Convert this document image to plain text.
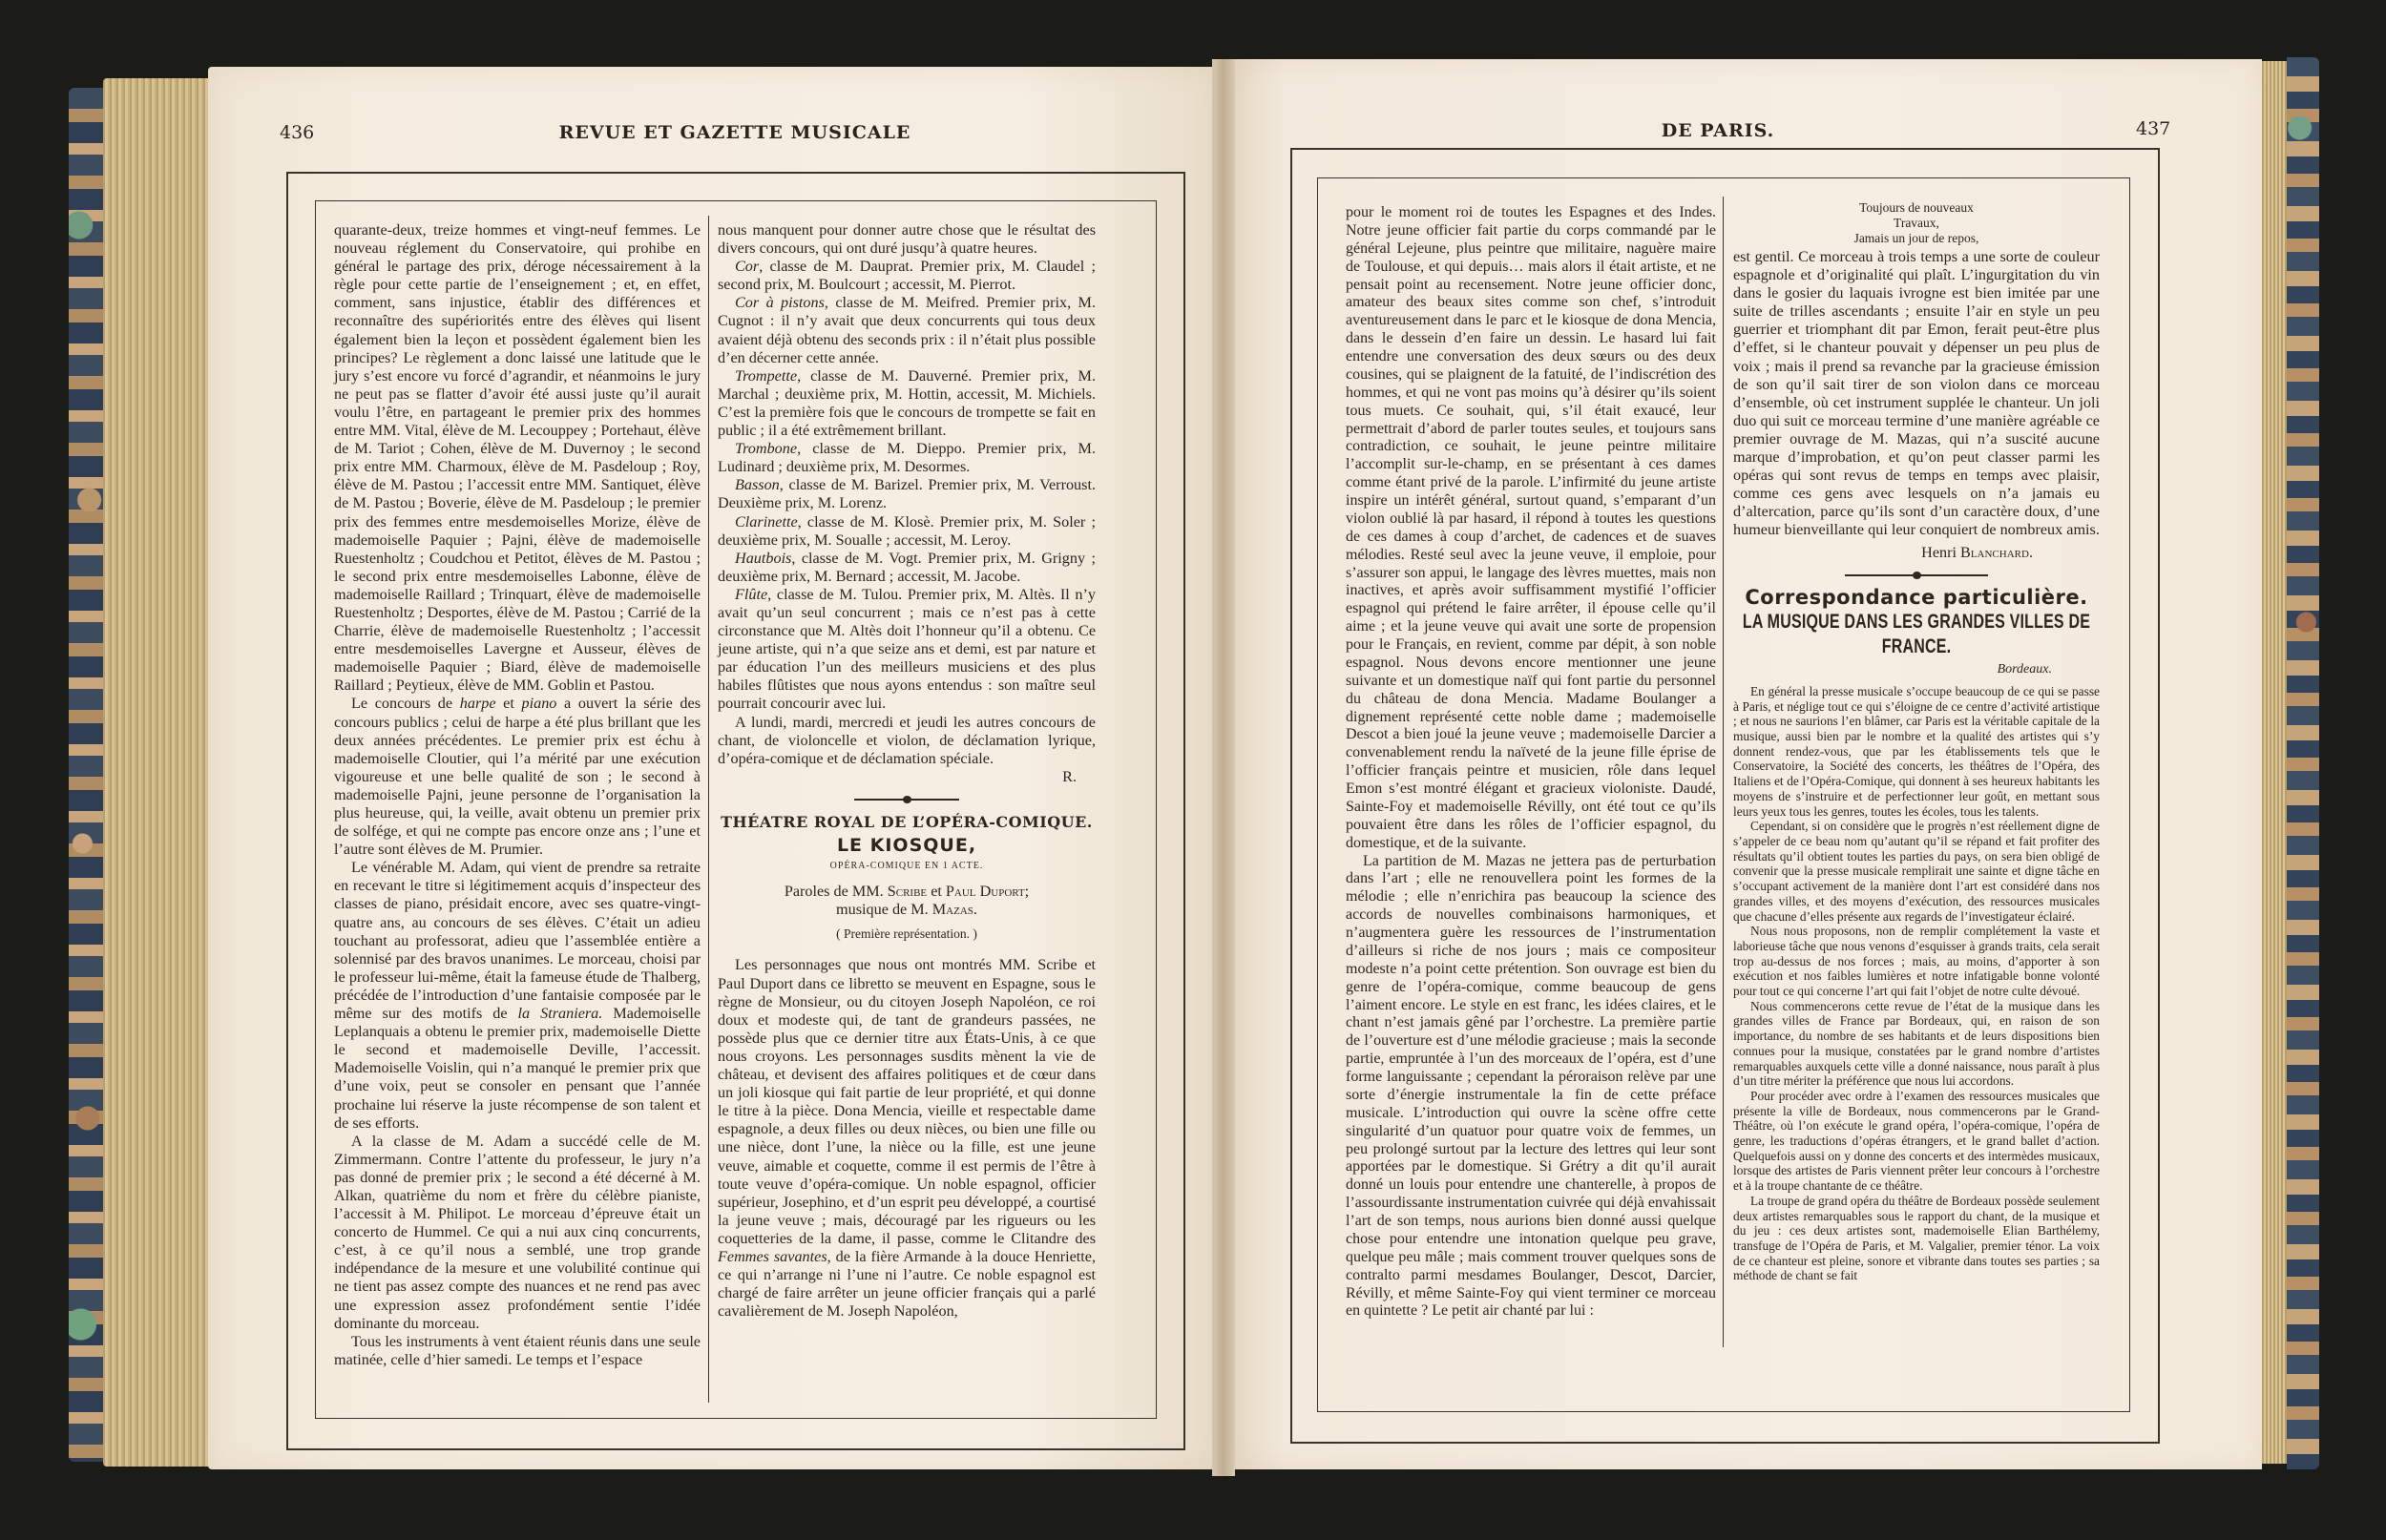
436	REVUE ET GAZETTE MUSICALE

quarante-deux, treize hommes et vingt-neuf femmes. Le nouveau réglement du Conservatoire, qui prohibe en général le partage des prix, déroge nécessairement à la règle pour cette partie de l’enseignement ; et, en effet, comment, sans injustice, établir des différences et reconnaître des supériorités entre des élèves qui lisent également bien la leçon et possèdent également bien les principes? Le règlement a donc laissé une latitude que le jury s’est encore vu forcé d’agrandir, et néanmoins le jury ne peut pas se flatter d’avoir été aussi juste qu’il aurait voulu l’être, en partageant le premier prix des hommes entre MM. Vital, élève de M. Lecouppey ; Portehaut, élève de M. Tariot ; Cohen, élève de M. Duvernoy ; le second prix entre MM. Charmoux, élève de M. Pasdeloup ; Roy, élève de M. Pastou ; l’accessit entre MM. Santiquet, élève de M. Pastou ; Boverie, élève de M. Pasdeloup ; le premier prix des femmes entre mesdemoiselles Morize, élève de mademoiselle Paquier ; Pajni, élève de mademoiselle Ruestenholtz ; Coudchou et Petitot, élèves de M. Pastou ; le second prix entre mesdemoiselles Labonne, élève de mademoiselle Raillard ; Trinquart, élève de mademoiselle Ruestenholtz ; Desportes, élève de M. Pastou ; Carrié de la Charrie, élève de mademoiselle Ruestenholtz ; l’accessit entre mesdemoiselles Lavergne et Ausseur, élèves de mademoiselle Paquier ; Biard, élève de mademoiselle Raillard ; Peytieux, élève de MM. Goblin et Pastou.

Le concours de harpe et piano a ouvert la série des concours publics ; celui de harpe a été plus brillant que les deux années précédentes. Le premier prix est échu à mademoiselle Cloutier, qui l’a mérité par une exécution vigoureuse et une belle qualité de son ; le second à mademoiselle Pajni, jeune personne de l’organisation la plus heureuse, qui, la veille, avait obtenu un premier prix de solfége, et qui ne compte pas encore onze ans ; l’une et l’autre sont élèves de M. Prumier.

Le vénérable M. Adam, qui vient de prendre sa retraite en recevant le titre si légitimement acquis d’inspecteur des classes de piano, présidait encore, avec ses quatre-vingt-quatre ans, au concours de ses élèves. C’était un adieu touchant au professorat, adieu que l’assemblée entière a solennisé par des bravos unanimes. Le morceau, choisi par le professeur lui-même, était la fameuse étude de Thalberg, précédée de l’introduction d’une fantaisie composée par le même sur des motifs de la Straniera. Mademoiselle Leplanquais a obtenu le premier prix, mademoiselle Diette le second et mademoiselle Deville, l’accessit. Mademoiselle Voislin, qui n’a manqué le premier prix que d’une voix, peut se consoler en pensant que l’année prochaine lui réserve la juste récompense de son talent et de ses efforts.

A la classe de M. Adam a succédé celle de M. Zimmermann. Contre l’attente du professeur, le jury n’a pas donné de premier prix ; le second a été décerné à M. Alkan, quatrième du nom et frère du célèbre pianiste, l’accessit à M. Philipot. Le morceau d’épreuve était un concerto de Hummel. Ce qui a nui aux cinq concurrents, c’est, à ce qu’il nous a semblé, une trop grande indépendance de la mesure et une volubilité continue qui ne tient pas assez compte des nuances et ne rend pas avec une expression assez profondément sentie l’idée dominante du morceau.

Tous les instruments à vent étaient réunis dans une seule matinée, celle d’hier samedi. Le temps et l’espace

nous manquent pour donner autre chose que le résultat des divers concours, qui ont duré jusqu’à quatre heures.

Cor, classe de M. Dauprat. Premier prix, M. Claudel ; second prix, M. Boulcourt ; accessit, M. Pierrot.

Cor à pistons, classe de M. Meifred. Premier prix, M. Cugnot : il n’y avait que deux concurrents qui tous deux avaient déjà obtenu des seconds prix : il n’était plus possible d’en décerner cette année.

Trompette, classe de M. Dauverné. Premier prix, M. Marchal ; deuxième prix, M. Hottin, accessit, M. Michiels. C’est la première fois que le concours de trompette se fait en public ; il a été extrêmement brillant.

Trombone, classe de M. Dieppo. Premier prix, M. Ludinard ; deuxième prix, M. Desormes.

Basson, classe de M. Barizel. Premier prix, M. Verroust. Deuxième prix, M. Lorenz.

Clarinette, classe de M. Klosè. Premier prix, M. Soler ; deuxième prix, M. Soualle ; accessit, M. Leroy.

Hautbois, classe de M. Vogt. Premier prix, M. Grigny ; deuxième prix, M. Bernard ; accessit, M. Jacobe.

Flûte, classe de M. Tulou. Premier prix, M. Altès. Il n’y avait qu’un seul concurrent ; mais ce n’est pas à cette circonstance que M. Altès doit l’honneur qu’il a obtenu. Ce jeune artiste, qui n’a que seize ans et demi, est par nature et par éducation l’un des meilleurs musiciens et des plus habiles flûtistes que nous ayons entendus : son maître seul pourrait concourir avec lui.

A lundi, mardi, mercredi et jeudi les autres concours de chant, de violoncelle et violon, de déclamation lyrique, d’opéra-comique et de déclamation spéciale.

R.

THÉATRE ROYAL DE L’OPÉRA-COMIQUE.
LE KIOSQUE,
OPÉRA-COMIQUE EN 1 ACTE.

Paroles de MM. Scribe et Paul Duport;

musique de M. Mazas.

( Première représentation. )

Les personnages que nous ont montrés MM. Scribe et Paul Duport dans ce libretto se meuvent en Espagne, sous le règne de Monsieur, ou du citoyen Joseph Napoléon, ce roi doux et modeste qui, de tant de grandeurs passées, ne possède plus que ce dernier titre aux États-Unis, à ce que nous croyons. Les personnages susdits mènent la vie de château, et devisent des affaires politiques et de cœur dans un joli kiosque qui fait partie de leur propriété, et qui donne le titre à la pièce. Dona Mencia, vieille et respectable dame espagnole, a deux filles ou deux nièces, ou bien une fille ou une nièce, dont l’une, la nièce ou la fille, est une jeune veuve, aimable et coquette, comme il est permis de l’être à toute veuve d’opéra-comique. Un noble espagnol, officier supérieur, Josephino, et d’un esprit peu développé, a courtisé la jeune veuve ; mais, découragé par les rigueurs ou les coquetteries de la dame, il passe, comme le Clitandre des Femmes savantes, de la fière Armande à la douce Henriette, ce qui n’arrange ni l’une ni l’autre. Ce noble espagnol est chargé de faire arrêter un jeune officier français qui a parlé cavalièrement de M. Joseph Napoléon,

DE PARIS.	437

pour le moment roi de toutes les Espagnes et des Indes. Notre jeune officier fait partie du corps commandé par le général Lejeune, plus peintre que militaire, naguère maire de Toulouse, et qui depuis… mais alors il était artiste, et ne pensait point au recensement. Notre jeune officier donc, amateur des beaux sites comme son chef, s’introduit aventureusement dans le parc et le kiosque de dona Mencia, dans le dessein d’en faire un dessin. Le hasard lui fait entendre une conversation des deux sœurs ou des deux cousines, qui se plaignent de la fatuité, de l’indiscrétion des hommes, et qui ne vont pas moins qu’à désirer qu’ils soient tous muets. Ce souhait, qui, s’il était exaucé, leur permettrait d’abord de parler toutes seules, et toujours sans contradiction, ce souhait, le jeune peintre militaire l’accomplit sur-le-champ, en se présentant à ces dames comme étant privé de la parole. L’infirmité du jeune artiste inspire un intérêt général, surtout quand, s’emparant d’un violon oublié là par hasard, il répond à toutes les questions de ces dames à coup d’archet, de cadences et de suaves mélodies. Resté seul avec la jeune veuve, il emploie, pour s’assurer son appui, le langage des lèvres muettes, mais non inactives, et après avoir suffisamment mystifié l’officier espagnol qui prétend le faire arrêter, il épouse celle qu’il aime ; et la jeune veuve qui avait une sorte de propension pour le Français, en revient, comme par dépit, à son noble espagnol. Nous devons encore mentionner une jeune suivante et un domestique naïf qui font partie du personnel du château de dona Mencia. Madame Boulanger a dignement représenté cette noble dame ; mademoiselle Descot a bien joué la jeune veuve ; mademoiselle Darcier a convenablement rendu la naïveté de la jeune fille éprise de l’officier français peintre et musicien, rôle dans lequel Emon s’est montré élégant et gracieux violoniste. Daudé, Sainte-Foy et mademoiselle Révilly, ont été tout ce qu’ils pouvaient être dans les rôles de l’officier espagnol, du domestique, et de la suivante.

La partition de M. Mazas ne jettera pas de perturbation dans l’art ; elle ne renouvellera point les formes de la mélodie ; elle n’enrichira pas beaucoup la science des accords de nouvelles combinaisons harmoniques, et n’augmentera guère les ressources de l’instrumentation d’ailleurs si riche de nos jours ; mais ce compositeur modeste n’a point cette prétention. Son ouvrage est bien du genre de l’opéra-comique, comme beaucoup de gens l’aiment encore. Le style en est franc, les idées claires, et le chant n’est jamais gêné par l’orchestre. La première partie de l’ouverture est d’une mélodie gracieuse ; mais la seconde partie, empruntée à l’un des morceaux de l’opéra, est d’une forme languissante ; cependant la péroraison relève par une sorte d’énergie instrumentale la fin de cette préface musicale. L’introduction qui ouvre la scène offre cette singularité d’un quatuor pour quatre voix de femmes, un peu prolongé surtout par la lecture des lettres qui leur sont apportées par le domestique. Si Grétry a dit qu’il aurait donné un louis pour entendre une chanterelle, à propos de l’assourdissante instrumentation cuivrée qui déjà envahissait l’art de son temps, nous aurions bien donné aussi quelque chose pour entendre une intonation quelque peu grave, quelque peu mâle ; mais comment trouver quelques sons de contralto parmi mesdames Boulanger, Descot, Darcier, Révilly, et même Sainte-Foy qui vient terminer ce morceau en quintette ? Le petit air chanté par lui :

Toujours de nouveaux
Travaux,
Jamais un jour de repos,

est gentil. Ce morceau à trois temps a une sorte de couleur espagnole et d’originalité qui plaît. L’ingurgitation du vin dans le gosier du laquais ivrogne est bien imitée par une suite de trilles ascendants ; ensuite l’air en style un peu guerrier et triomphant dit par Emon, ferait peut-être plus d’effet, si le chanteur pouvait y dépenser un peu plus de voix ; mais il prend sa revanche par la gracieuse émission de son qu’il sait tirer de son violon dans ce morceau d’ensemble, où cet instrument supplée le chanteur. Un joli duo qui suit ce morceau termine d’une manière agréable ce premier ouvrage de M. Mazas, qui n’a suscité aucune marque d’improbation, et qu’on peut classer parmi les opéras qui sont revus de temps en temps avec plaisir, comme ces gens avec lesquels on n’a jamais eu d’altercation, parce qu’ils sont d’un caractère doux, d’une humeur bienveillante qui leur conquiert de nombreux amis.

Henri Blanchard.

Correspondance particulière.
LA MUSIQUE DANS LES GRANDES VILLES DE FRANCE.

Bordeaux.

En général la presse musicale s’occupe beaucoup de ce qui se passe à Paris, et néglige tout ce qui s’éloigne de ce centre d’activité artistique ; et nous ne saurions l’en blâmer, car Paris est la véritable capitale de la musique, aussi bien par le nombre et la qualité des artistes qui s’y donnent rendez-vous, que par les établissements tels que le Conservatoire, la Société des concerts, les théâtres de l’Opéra, des Italiens et de l’Opéra-Comique, qui donnent à ses heureux habitants les moyens de s’instruire et de perfectionner leur goût, en mettant sous leurs yeux tous les genres, toutes les écoles, tous les talents.

Cependant, si on considère que le progrès n’est réellement digne de s’appeler de ce beau nom qu’autant qu’il se répand et fait profiter des résultats qu’il obtient toutes les parties du pays, on sera bien obligé de convenir que la presse musicale remplirait une sainte et digne tâche en s’occupant activement de la manière dont l’art est considéré dans nos grandes villes, et des moyens d’exécution, des ressources musicales que chacune d’elles présente aux regards de l’investigateur éclairé.

Nous nous proposons, non de remplir complétement la vaste et laborieuse tâche que nous venons d’esquisser à grands traits, cela serait trop au-dessus de nos forces ; mais, au moins, d’apporter à son exécution et nos faibles lumières et notre infatigable bonne volonté pour tout ce qui concerne l’art qui fait l’objet de notre culte dévoué.

Nous commencerons cette revue de l’état de la musique dans les grandes villes de France par Bordeaux, qui, en raison de son importance, du nombre de ses habitants et de leurs dispositions bien connues pour la musique, constatées par le grand nombre d’artistes remarquables auxquels cette ville a donné naissance, nous paraît à plus d’un titre mériter la préférence que nous lui accordons.

Pour procéder avec ordre à l’examen des ressources musicales que présente la ville de Bordeaux, nous commencerons par le Grand-Théâtre, où l’on exécute le grand opéra, l’opéra-comique, l’opéra de genre, les traductions d’opéras étrangers, et le grand ballet d’action. Quelquefois aussi on y donne des concerts et des intermèdes musicaux, lorsque des artistes de Paris viennent prêter leur concours à l’orchestre et à la troupe chantante de ce théâtre.

La troupe de grand opéra du théâtre de Bordeaux possède seulement deux artistes remarquables sous le rapport du chant, de la musique et du jeu : ces deux artistes sont, mademoiselle Elian Barthélemy, transfuge de l’Opéra de Paris, et M. Valgalier, premier ténor. La voix de ce chanteur est pleine, sonore et vibrante dans toutes ses parties ; sa méthode de chant se fait
